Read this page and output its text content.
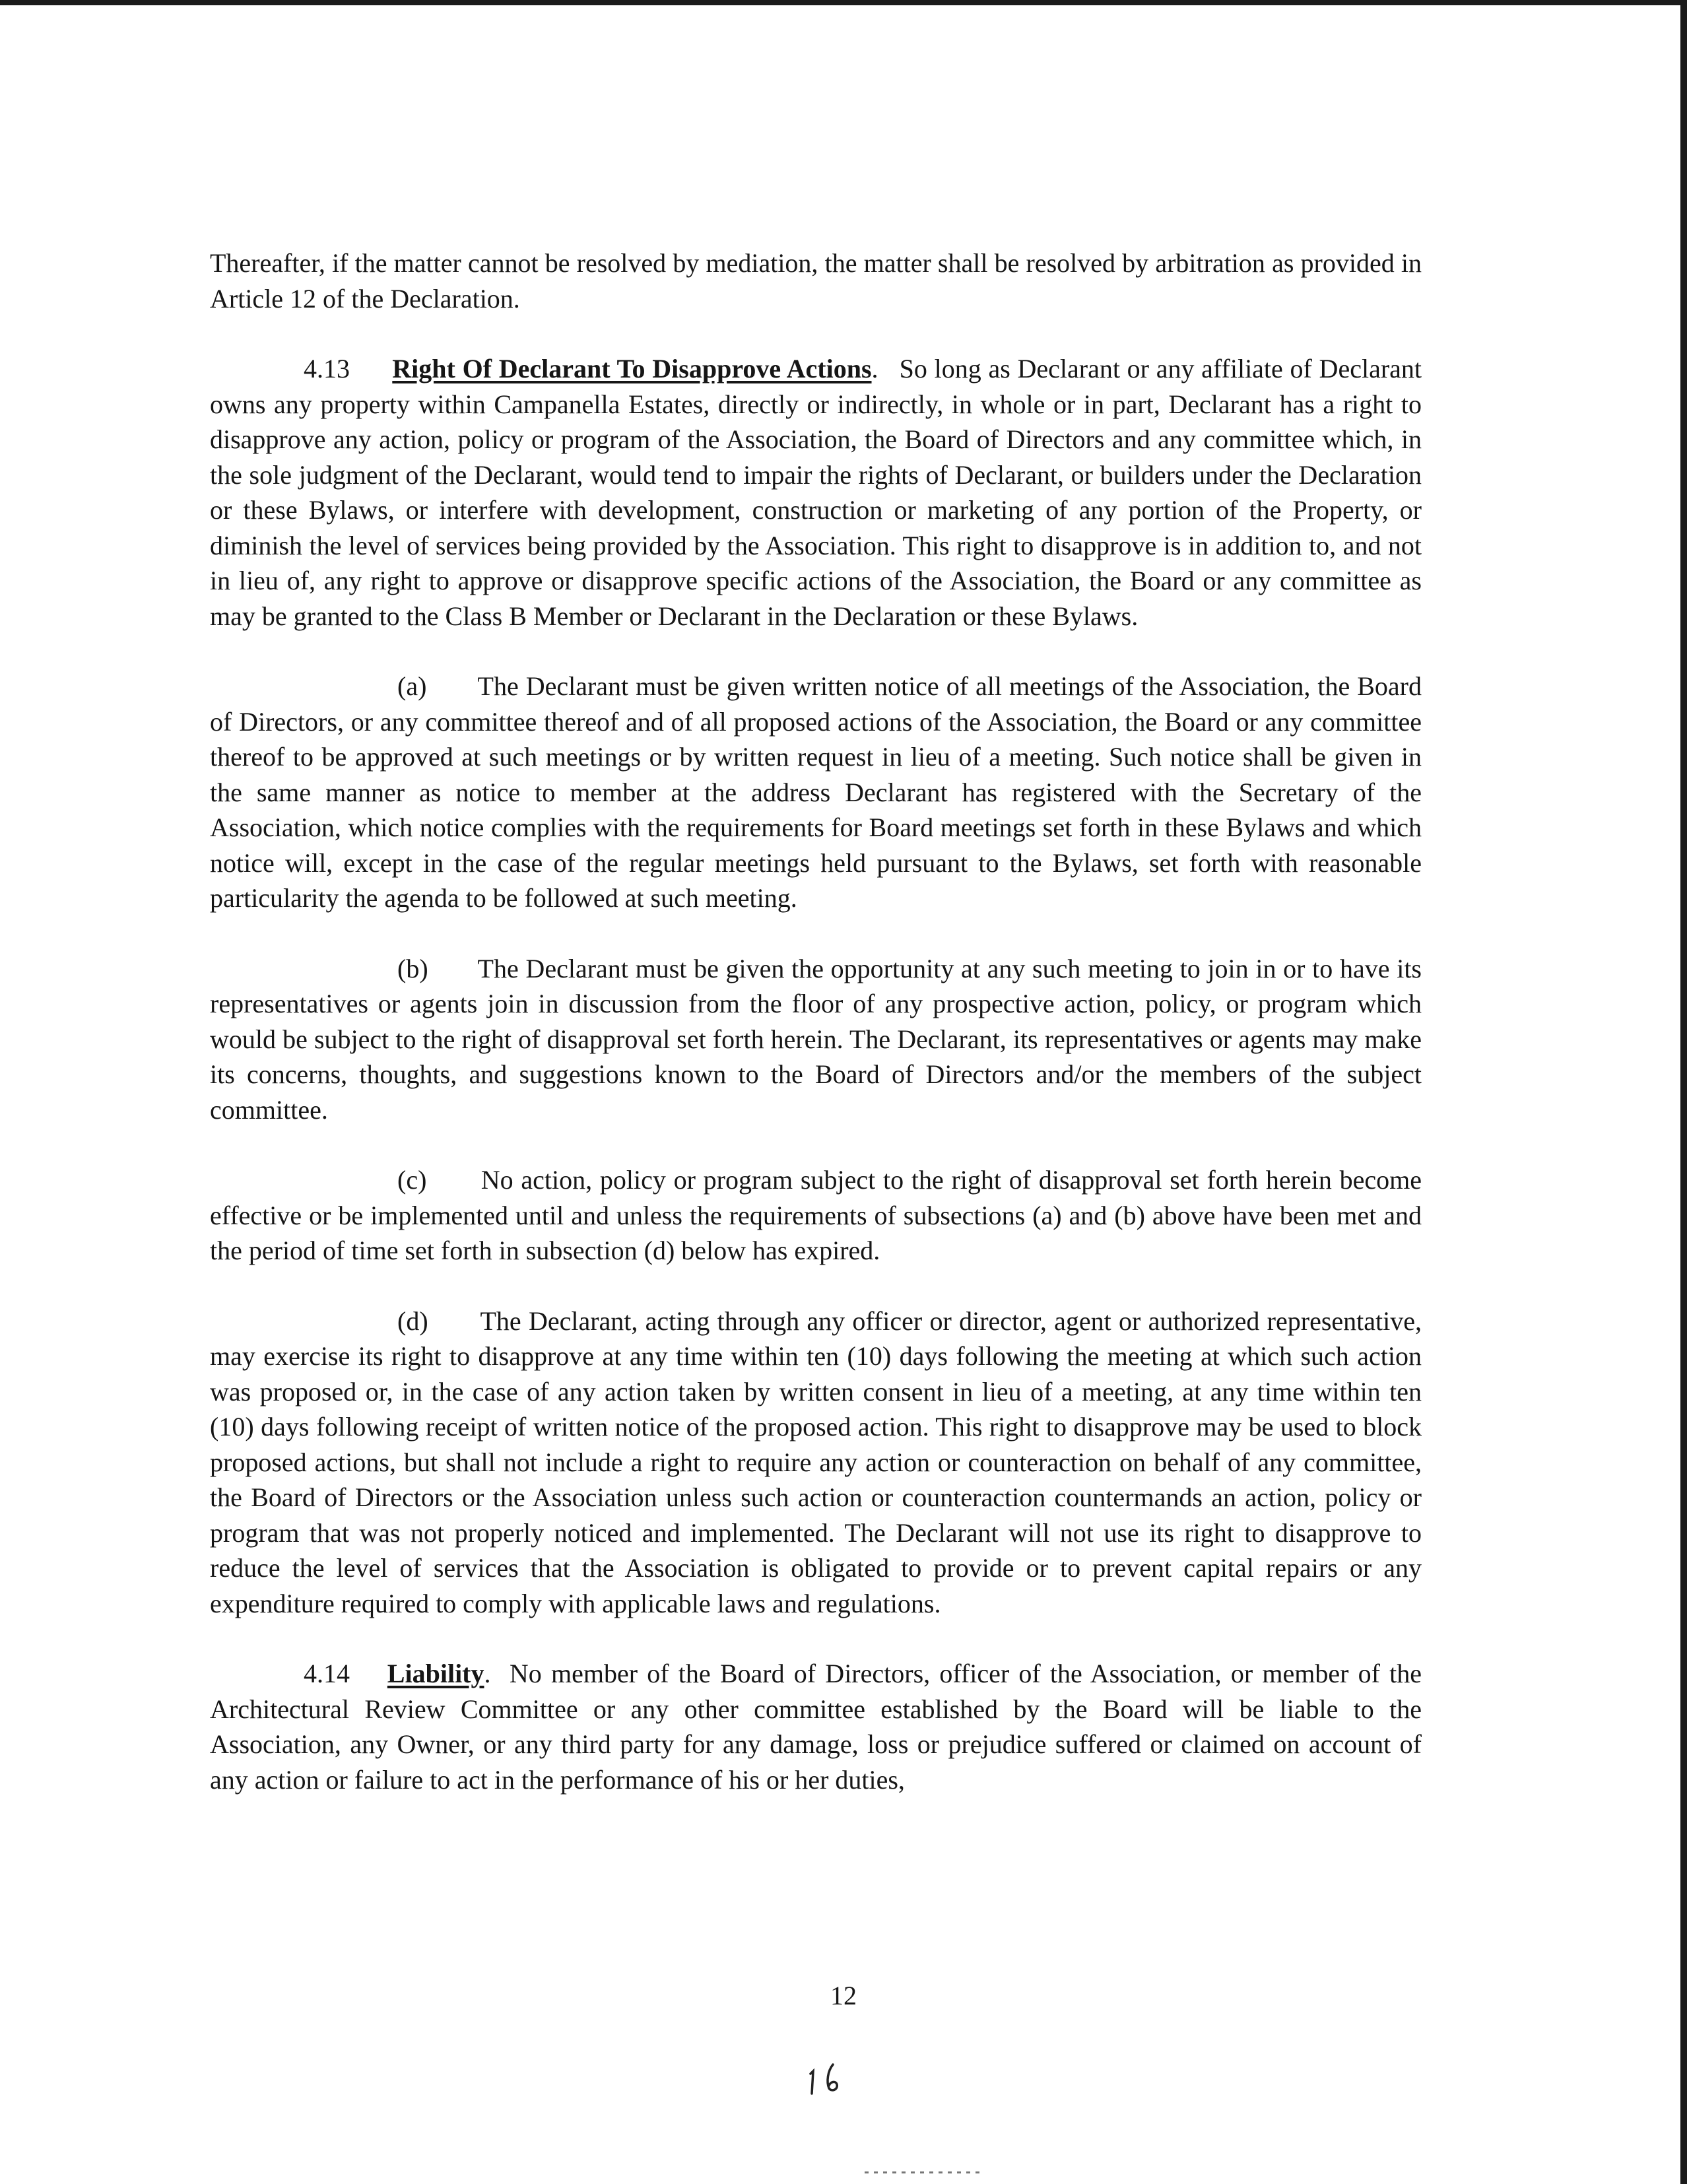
Thereafter, if the matter cannot be resolved by mediation, the matter shall be resolved by arbitration as provided in Article 12 of the Declaration.

4.13 Right Of Declarant To Disapprove Actions.   So long as Declarant or any affiliate of Declarant owns any property within Campanella Estates, directly or indirectly, in whole or in part, Declarant has a right to disapprove any action, policy or program of the Association, the Board of Directors and any committee which, in the sole judgment of the Declarant, would tend to impair the rights of Declarant, or builders under the Declaration or these Bylaws, or interfere with development, construction or marketing of any portion of the Property, or diminish the level of services being provided by the Association. This right to disapprove is in addition to, and not in lieu of, any right to approve or disapprove specific actions of the Association, the Board or any committee as may be granted to the Class B Member or Declarant in the Declaration or these Bylaws.

(a) The Declarant must be given written notice of all meetings of the Association, the Board of Directors, or any committee thereof and of all proposed actions of the Association, the Board or any committee thereof to be approved at such meetings or by written request in lieu of a meeting. Such notice shall be given in the same manner as notice to member at the address Declarant has registered with the Secretary of the Association, which notice complies with the requirements for Board meetings set forth in these Bylaws and which notice will, except in the case of the regular meetings held pursuant to the Bylaws, set forth with reasonable particularity the agenda to be followed at such meeting.

(b) The Declarant must be given the opportunity at any such meeting to join in or to have its representatives or agents join in discussion from the floor of any prospective action, policy, or program which would be subject to the right of disapproval set forth herein. The Declarant, its representatives or agents may make its concerns, thoughts, and suggestions known to the Board of Directors and/or the members of the subject committee.

(c) No action, policy or program subject to the right of disapproval set forth herein become effective or be implemented until and unless the requirements of subsections (a) and (b) above have been met and the period of time set forth in subsection (d) below has expired.

(d) The Declarant, acting through any officer or director, agent or authorized representative, may exercise its right to disapprove at any time within ten (10) days following the meeting at which such action was proposed or, in the case of any action taken by written consent in lieu of a meeting, at any time within ten (10) days following receipt of written notice of the proposed action. This right to disapprove may be used to block proposed actions, but shall not include a right to require any action or counteraction on behalf of any committee, the Board of Directors or the Association unless such action or counteraction countermands an action, policy or program that was not properly noticed and implemented. The Declarant will not use its right to disapprove to reduce the level of services that the Association is obligated to provide or to prevent capital repairs or any expenditure required to comply with applicable laws and regulations.

4.14 Liability.  No member of the Board of Directors, officer of the Association, or member of the Architectural Review Committee or any other committee established by the Board will be liable to the Association, any Owner, or any third party for any damage, loss or prejudice suffered or claimed on account of any action or failure to act in the performance of his or her duties,

12
